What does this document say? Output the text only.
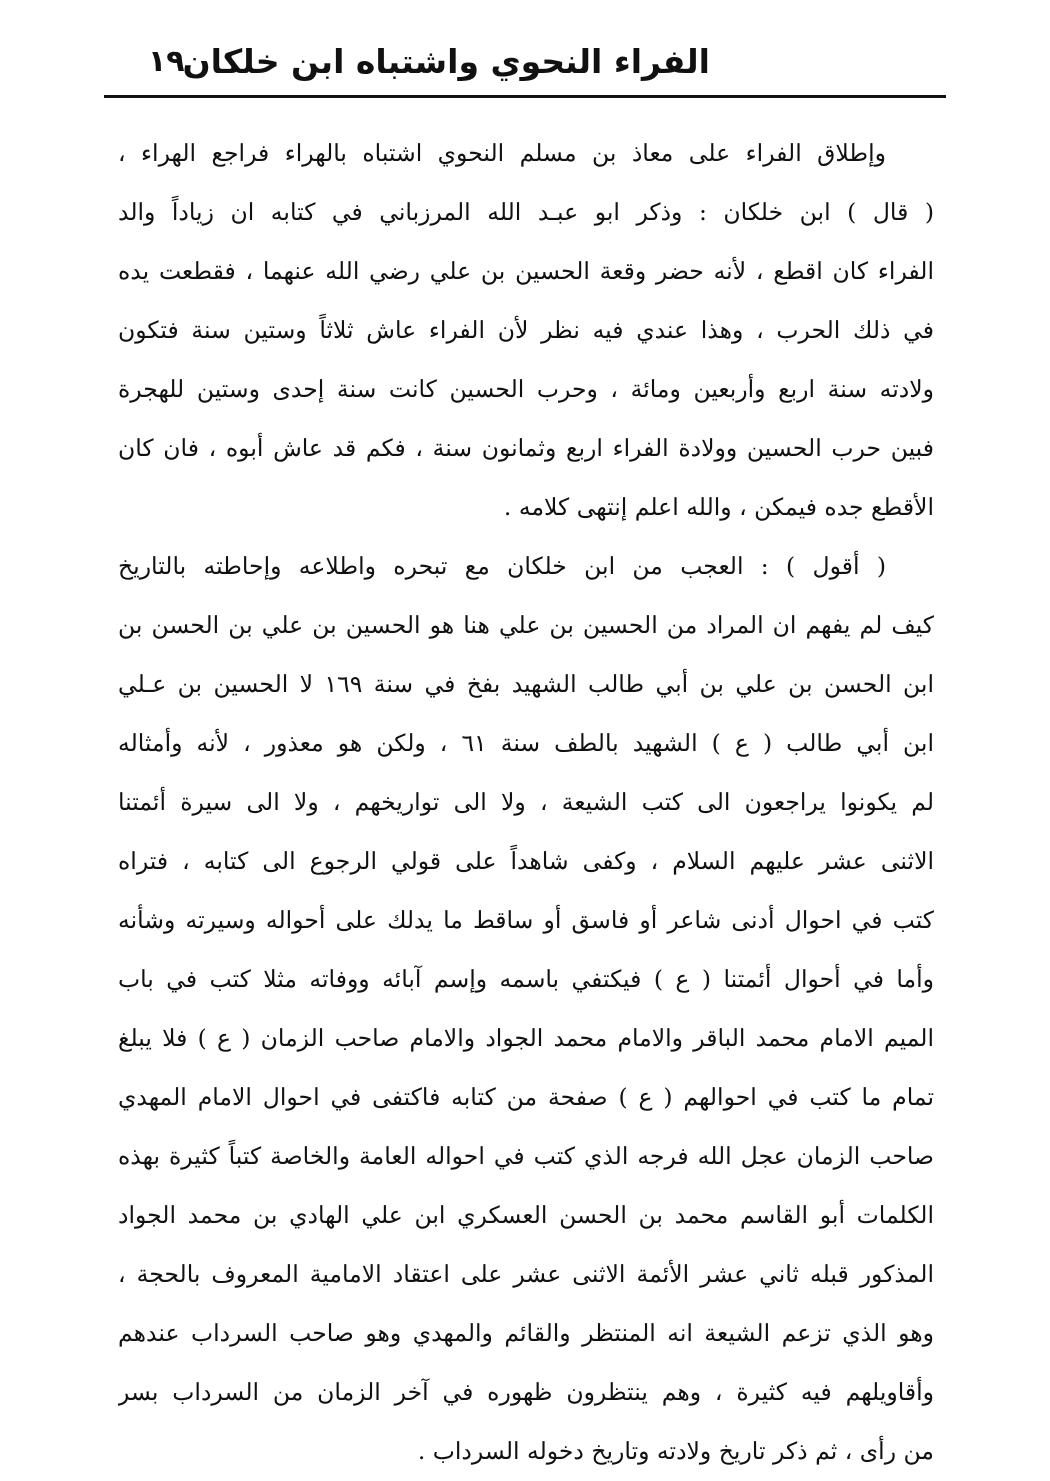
الفراء النحوي واشتباه ابن خلكان
١٩
وإطلاق الفراء على معاذ بن مسلم النحوي اشتباه بالهراء فراجع الهراء ،
( قال ) ابن خلكان : وذكر ابو عبـد الله المرزباني في كتابه ان زياداً والد
الفراء كان اقطع ، لأنه حضر وقعة الحسين بن علي رضي الله عنهما ، فقطعت يده
في ذلك الحرب ، وهذا عندي فيه نظر لأن الفراء عاش ثلاثاً وستين سنة فتكون
ولادته سنة اربع وأربعين ومائة ، وحرب الحسين كانت سنة إحدى وستين للهجرة
فبين حرب الحسين وولادة الفراء اربع وثمانون سنة ، فكم قد عاش أبوه ، فان كان
الأقطع جده فيمكن ، والله اعلم إنتهى كلامه .
( أقول ) : العجب من ابن خلكان مع تبحره واطلاعه وإحاطته بالتاريخ
كيف لم يفهم ان المراد من الحسين بن علي هنا هو الحسين بن علي بن الحسن بن
ابن الحسن بن علي بن أبي طالب الشهيد بفخ في سنة ١٦٩ لا الحسين بن عـلي
ابن أبي طالب ( ع ) الشهيد بالطف سنة ٦١ ، ولكن هو معذور ، لأنه وأمثاله
لم يكونوا يراجعون الى كتب الشيعة ، ولا الى تواريخهم ، ولا الى سيرة أئمتنا
الاثنى عشر عليهم السلام ، وكفى شاهداً على قولي الرجوع الى كتابه ، فتراه
كتب في احوال أدنى شاعر أو فاسق أو ساقط ما يدلك على أحواله وسيرته وشأنه
وأما في أحوال أئمتنا ( ع ) فيكتفي باسمه وإسم آبائه ووفاته مثلا كتب في باب
الميم الامام محمد الباقر والامام محمد الجواد والامام صاحب الزمان ( ع ) فلا يبلغ
تمام ما كتب في احوالهم ( ع ) صفحة من كتابه فاكتفى في احوال الامام المهدي
صاحب الزمان عجل الله فرجه الذي كتب في احواله العامة والخاصة كتباً كثيرة بهذه
الكلمات أبو القاسم محمد بن الحسن العسكري ابن علي الهادي بن محمد الجواد
المذكور قبله ثاني عشر الأئمة الاثنى عشر على اعتقاد الامامية المعروف بالحجة ،
وهو الذي تزعم الشيعة انه المنتظر والقائم والمهدي وهو صاحب السرداب عندهم
وأقاويلهم فيه كثيرة ، وهم ينتظرون ظهوره في آخر الزمان من السرداب بسر
من رأى ، ثم ذكر تاريخ ولادته وتاريخ دخوله السرداب .
